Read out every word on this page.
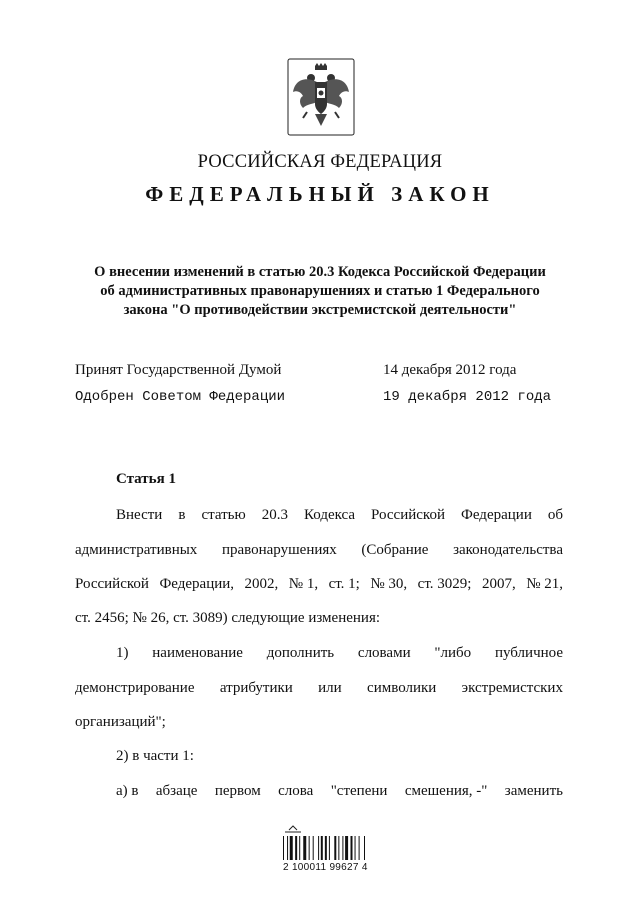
РОССИЙСКАЯ ФЕДЕРАЦИЯ
ФЕДЕРАЛЬНЫЙ ЗАКОН
О внесении изменений в статью 20.3 Кодекса Российской Федерации
об административных правонарушениях и статью 1 Федерального
закона "О противодействии экстремистской деятельности"
Принят Государственной Думой	14 декабря 2012 года
Одобрен Советом Федерации	19 декабря 2012 года
Статья 1
Внести в статью 20.3 Кодекса Российской Федерации об
административных правонарушениях (Собрание законодательства
Российской Федерации, 2002, № 1, ст. 1; № 30, ст. 3029; 2007, № 21,
ст. 2456; № 26, ст. 3089) следующие изменения:
1) наименование дополнить словами "либо публичное
демонстрирование атрибутики или символики экстремистских
организаций";
2) в части 1:
а) в абзаце первом слова "степени смешения, -" заменить
2 100011 99627 4
